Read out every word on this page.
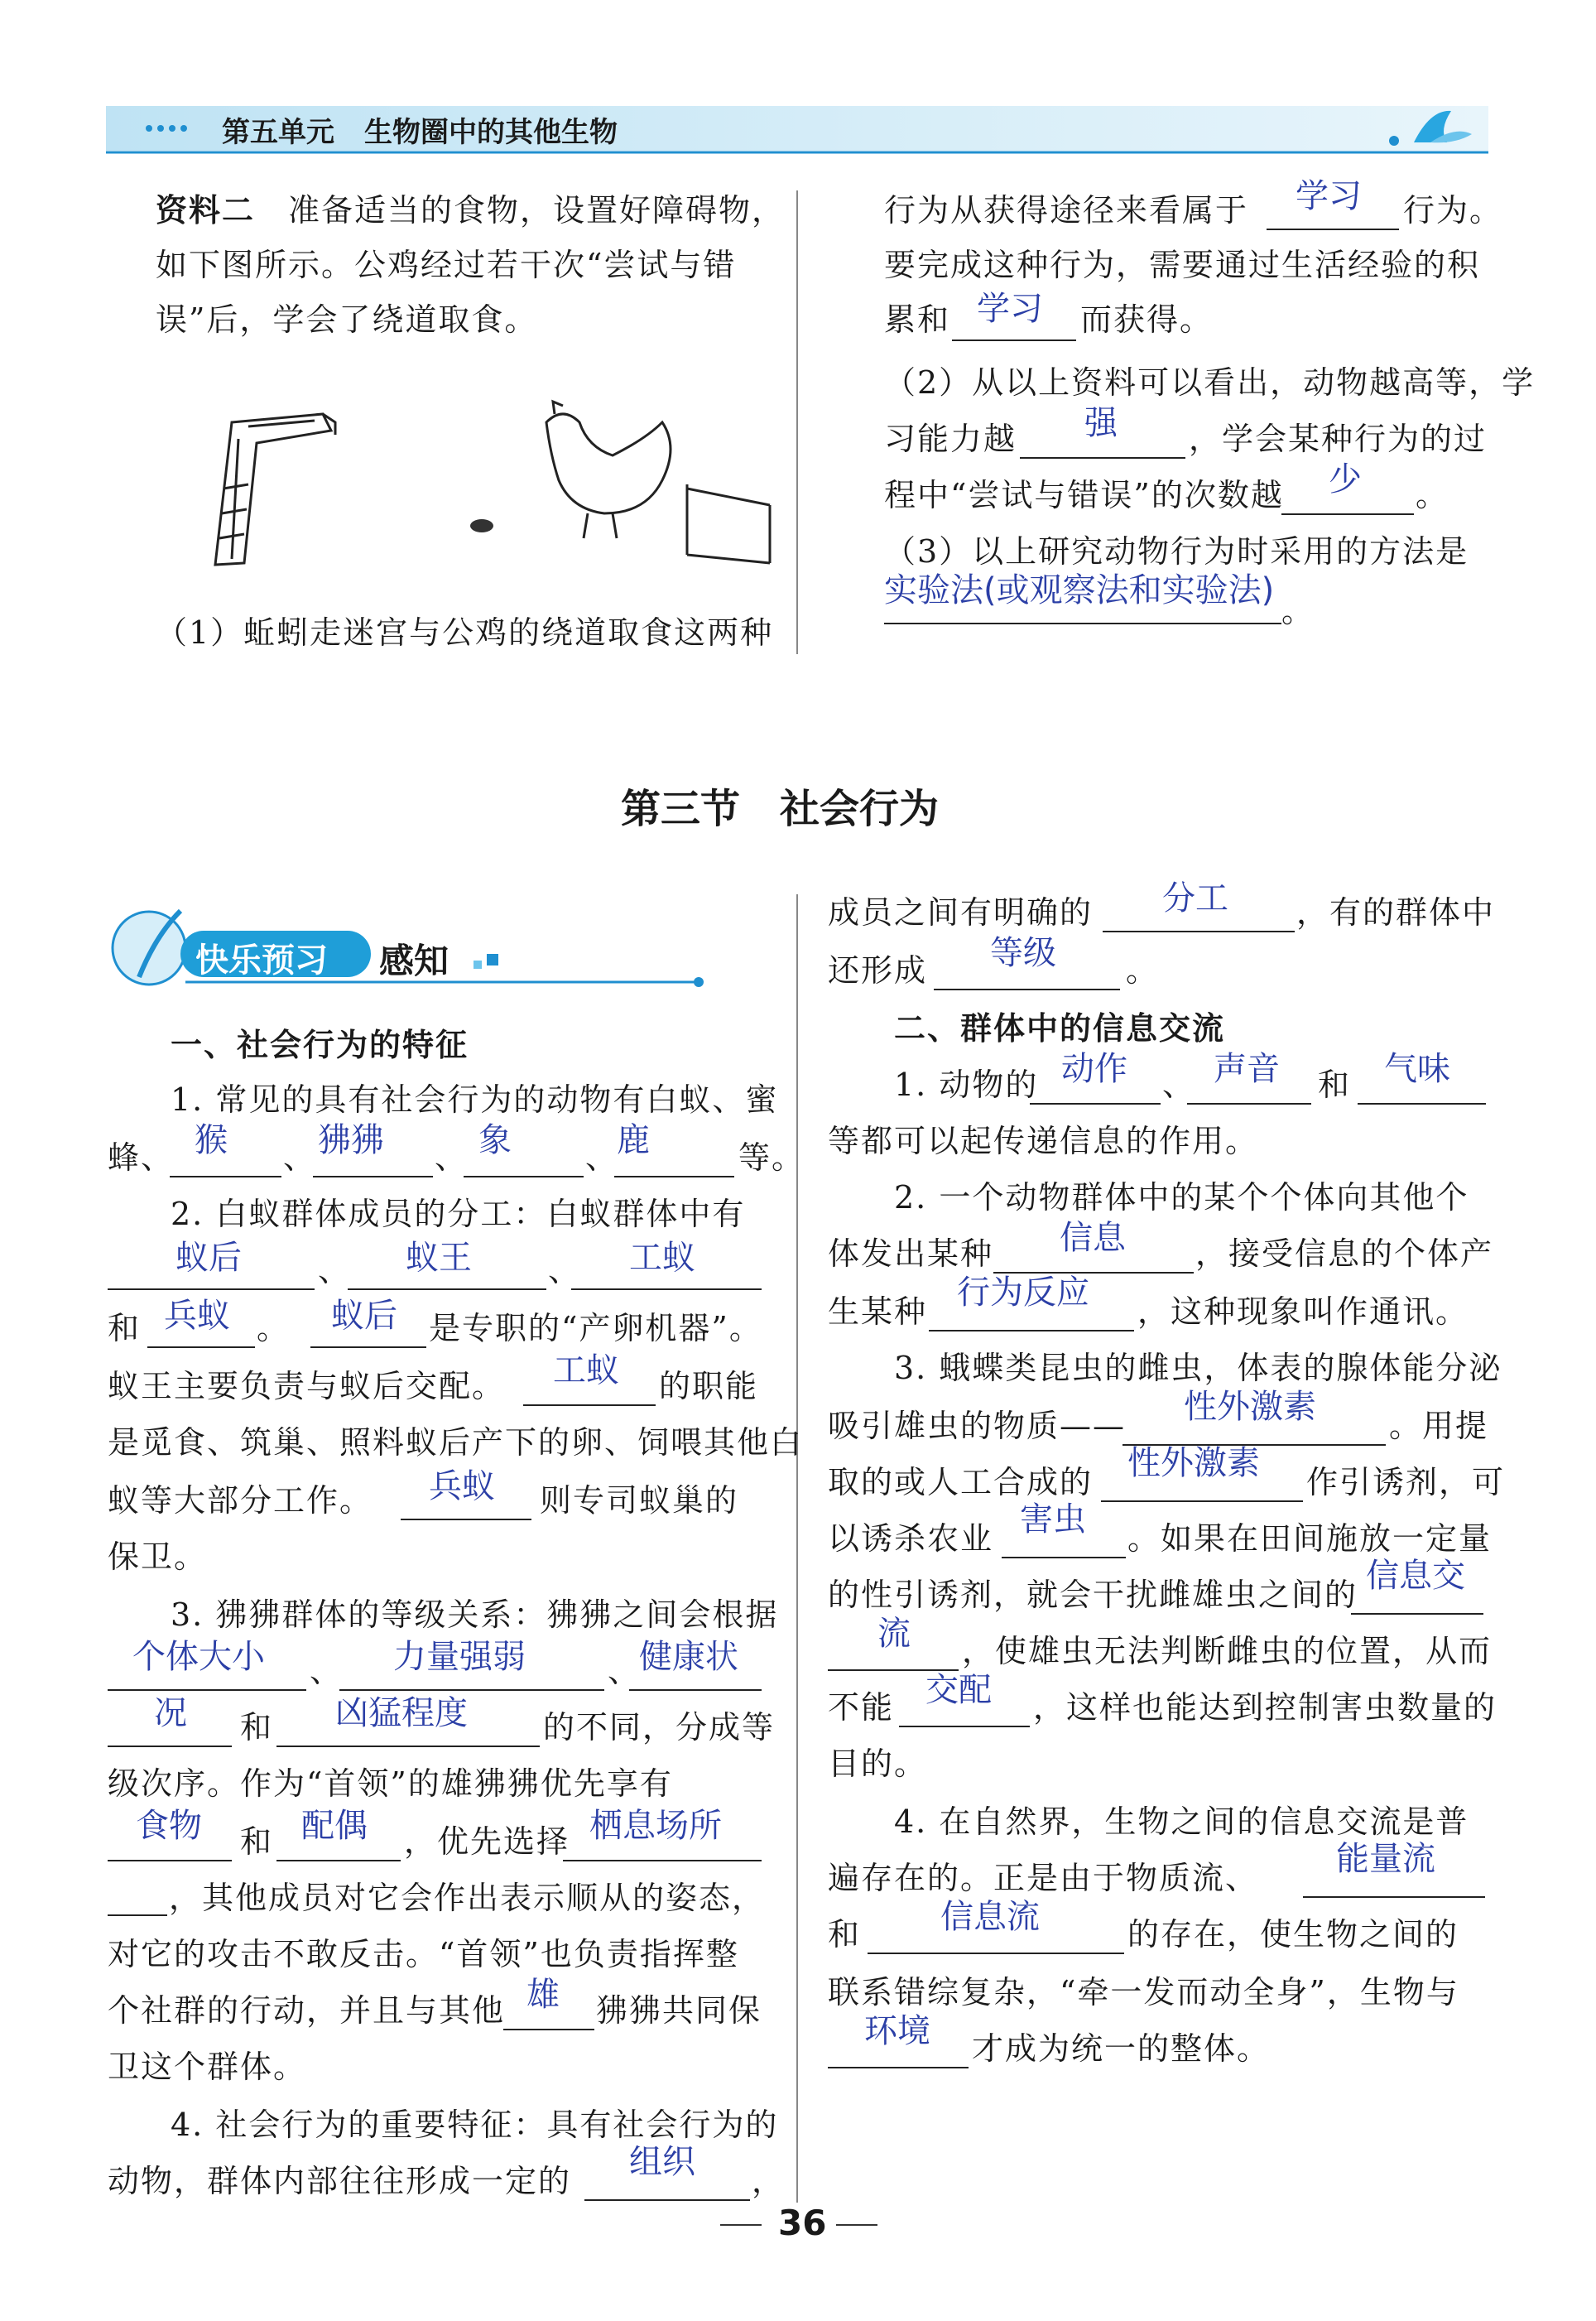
第五单元 生物圈中的其他生物
资料二　 准备适当的食物，设置好障碍物，
如下图所示。公鸡经过若干次“尝试与错
误”后，学会了绕道取食。
（1）蚯蚓走迷宫与公鸡的绕道取食这两种
行为从获得途径来看属于 学习 行为。
要完成这种行为，需要通过生活经验的积
累和 学习 而获得。
（2）从以上资料可以看出，动物越高等，学
习能力越 强 ，学会某种行为的过
程中“尝试与错误”的次数越 少 。
（3）以上研究动物行为时采用的方法是
实验法(或观察法和实验法)
。
第三节　社会行为
快乐预习 感知
一、社会行为的特征
1. 常见的具有社会行为的动物有白蚁、蜜
蜂、 猴 、 狒狒 、 象 、
鹿	等。
2. 白蚁群体成员的分工：白蚁群体中有
蚁后 、 蚁王 、 工蚁
和 兵蚁 。 蚁后 是专职的“产卵机器”。
蚁王主要负责与蚁后交配。 工蚁 的职能
是觅食、筑巢、照料蚁后产下的卵、饲喂其他白
蚁等大部分工作。 兵蚁 则专司蚁巢的
保卫。
3. 狒狒群体的等级关系：狒狒之间会根据
个体大小 、 力量强弱	、
健康状
况 和 凶猛程度 的不同，分成等
级次序。作为“首领”的雄狒狒优先享有
食物 和 配偶 ，优先选择 栖息场所
，其他成员对它会作出表示顺从的姿态，
对它的攻击不敢反击。“首领”也负责指挥整
个社群的行动，并且与其他 雄 狒狒共同保
卫这个群体。
4. 社会行为的重要特征：具有社会行为的
动物，群体内部往往形成一定的 组织 ，
成员之间有明确的 分工 ，有的群体中
还形成 等级 。
二、群体中的信息交流
1. 动物的 动作 、 声音 和 气味
等都可以起传递信息的作用。
2. 一个动物群体中的某个个体向其他个
体发出某种 信息 ，接受信息的个体产
生某种 行为反应 ，这种现象叫作通讯。
3. 蛾蝶类昆虫的雌虫，体表的腺体能分泌
吸引雄虫的物质—— 性外激素 。用提
取的或人工合成的 性外激素 作引诱剂，可
以诱杀农业 害虫 。如果在田间施放一定量
的性引诱剂，就会干扰雌雄虫之间的 信息交
流 ，使雄虫无法判断雌虫的位置，从而
不能 交配 ，这样也能达到控制害虫数量的
目的。
4. 在自然界，生物之间的信息交流是普
遍存在的。正是由于物质流、 能量流
和 信息流	的存在，使生物之间的
联系错综复杂，“牵一发而动全身”，生物与
环境 才成为统一的整体。
36
